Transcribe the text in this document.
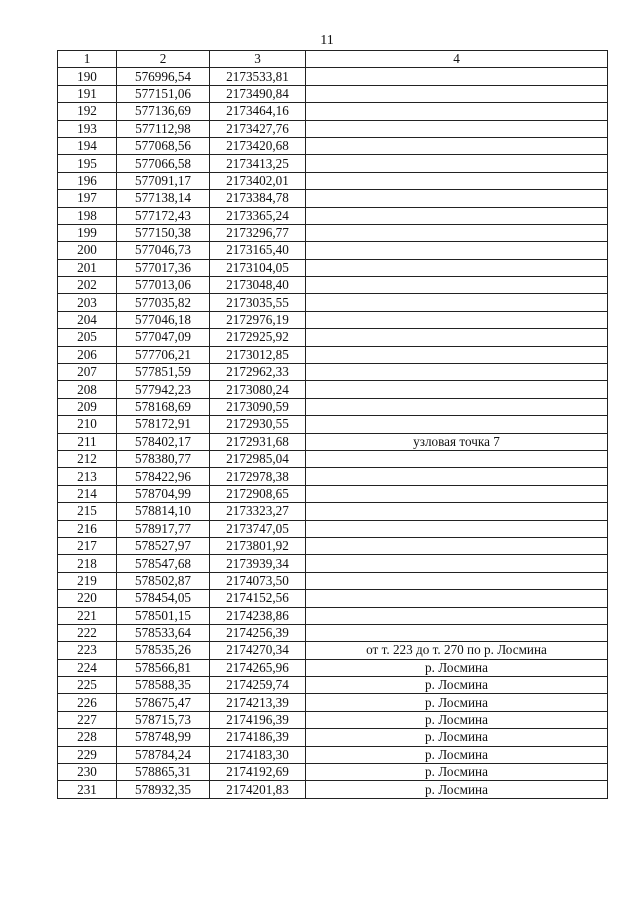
11
1	2	3	4
190	576996,54	2173533,81	
191	577151,06	2173490,84	
192	577136,69	2173464,16	
193	577112,98	2173427,76	
194	577068,56	2173420,68	
195	577066,58	2173413,25	
196	577091,17	2173402,01	
197	577138,14	2173384,78	
198	577172,43	2173365,24	
199	577150,38	2173296,77	
200	577046,73	2173165,40	
201	577017,36	2173104,05	
202	577013,06	2173048,40	
203	577035,82	2173035,55	
204	577046,18	2172976,19	
205	577047,09	2172925,92	
206	577706,21	2173012,85	
207	577851,59	2172962,33	
208	577942,23	2173080,24	
209	578168,69	2173090,59	
210	578172,91	2172930,55	
211	578402,17	2172931,68	узловая точка 7
212	578380,77	2172985,04	
213	578422,96	2172978,38	
214	578704,99	2172908,65	
215	578814,10	2173323,27	
216	578917,77	2173747,05	
217	578527,97	2173801,92	
218	578547,68	2173939,34	
219	578502,87	2174073,50	
220	578454,05	2174152,56	
221	578501,15	2174238,86	
222	578533,64	2174256,39	
223	578535,26	2174270,34	от т. 223 до т. 270 по р. Лосмина
224	578566,81	2174265,96	р. Лосмина
225	578588,35	2174259,74	р. Лосмина
226	578675,47	2174213,39	р. Лосмина
227	578715,73	2174196,39	р. Лосмина
228	578748,99	2174186,39	р. Лосмина
229	578784,24	2174183,30	р. Лосмина
230	578865,31	2174192,69	р. Лосмина
231	578932,35	2174201,83	р. Лосмина
